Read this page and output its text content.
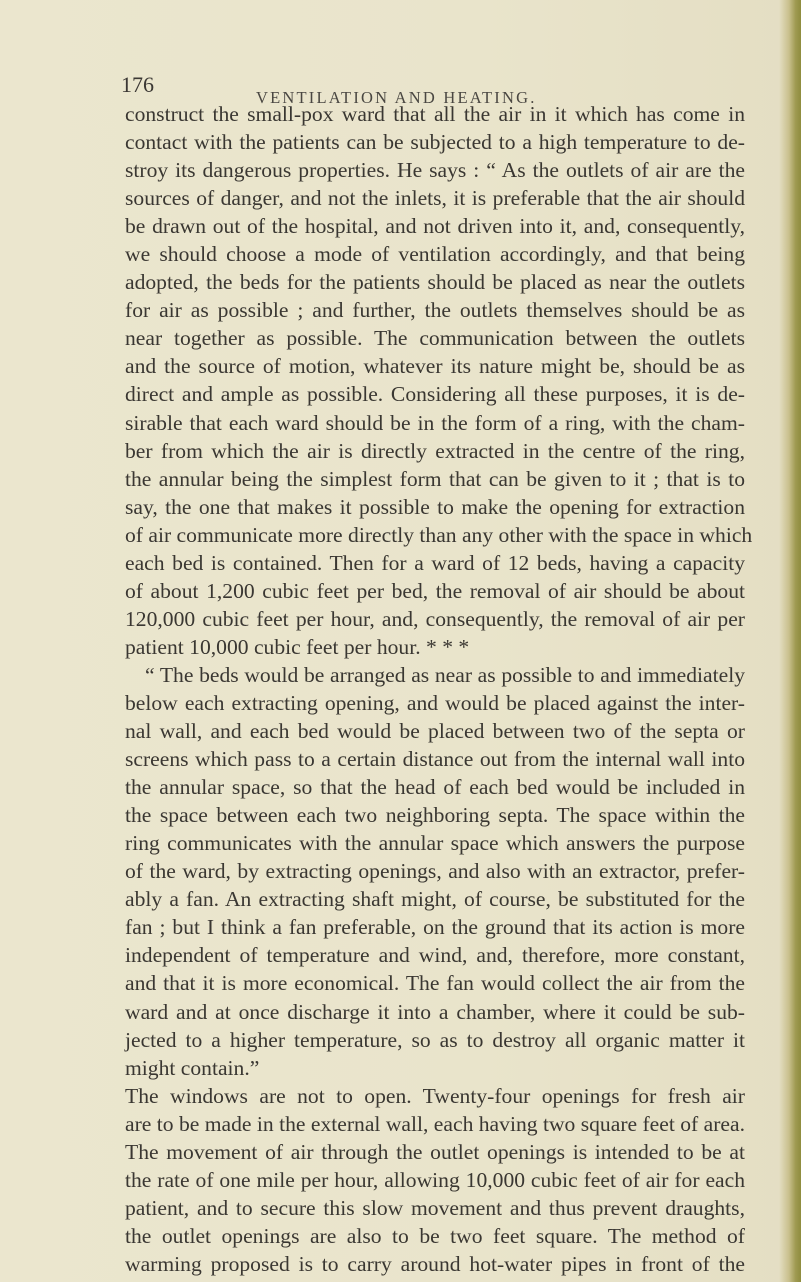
176
VENTILATION AND HEATING.
construct the small-pox ward that all the air in it which has come in
contact with the patients can be subjected to a high temperature to de-
stroy its dangerous properties. He says : “ As the outlets of air are the
sources of danger, and not the inlets, it is preferable that the air should
be drawn out of the hospital, and not driven into it, and, consequently,
we should choose a mode of ventilation accordingly, and that being
adopted, the beds for the patients should be placed as near the outlets
for air as possible ; and further, the outlets themselves should be as
near together as possible. The communication between the outlets
and the source of motion, whatever its nature might be, should be as
direct and ample as possible. Considering all these purposes, it is de-
sirable that each ward should be in the form of a ring, with the cham-
ber from which the air is directly extracted in the centre of the ring,
the annular being the simplest form that can be given to it ; that is to
say, the one that makes it possible to make the opening for extraction
of air communicate more directly than any other with the space in which
each bed is contained. Then for a ward of 12 beds, having a capacity
of about 1,200 cubic feet per bed, the removal of air should be about
120,000 cubic feet per hour, and, consequently, the removal of air per
patient 10,000 cubic feet per hour. * * *
“ The beds would be arranged as near as possible to and immediately
below each extracting opening, and would be placed against the inter-
nal wall, and each bed would be placed between two of the septa or
screens which pass to a certain distance out from the internal wall into
the annular space, so that the head of each bed would be included in
the space between each two neighboring septa. The space within the
ring communicates with the annular space which answers the purpose
of the ward, by extracting openings, and also with an extractor, prefer-
ably a fan. An extracting shaft might, of course, be substituted for the
fan ; but I think a fan preferable, on the ground that its action is more
independent of temperature and wind, and, therefore, more constant,
and that it is more economical. The fan would collect the air from the
ward and at once discharge it into a chamber, where it could be sub-
jected to a higher temperature, so as to destroy all organic matter it
might contain.”
The windows are not to open. Twenty-four openings for fresh air
are to be made in the external wall, each having two square feet of area.
The movement of air through the outlet openings is intended to be at
the rate of one mile per hour, allowing 10,000 cubic feet of air for each
patient, and to secure this slow movement and thus prevent draughts,
the outlet openings are also to be two feet square. The method of
warming proposed is to carry around hot-water pipes in front of the
